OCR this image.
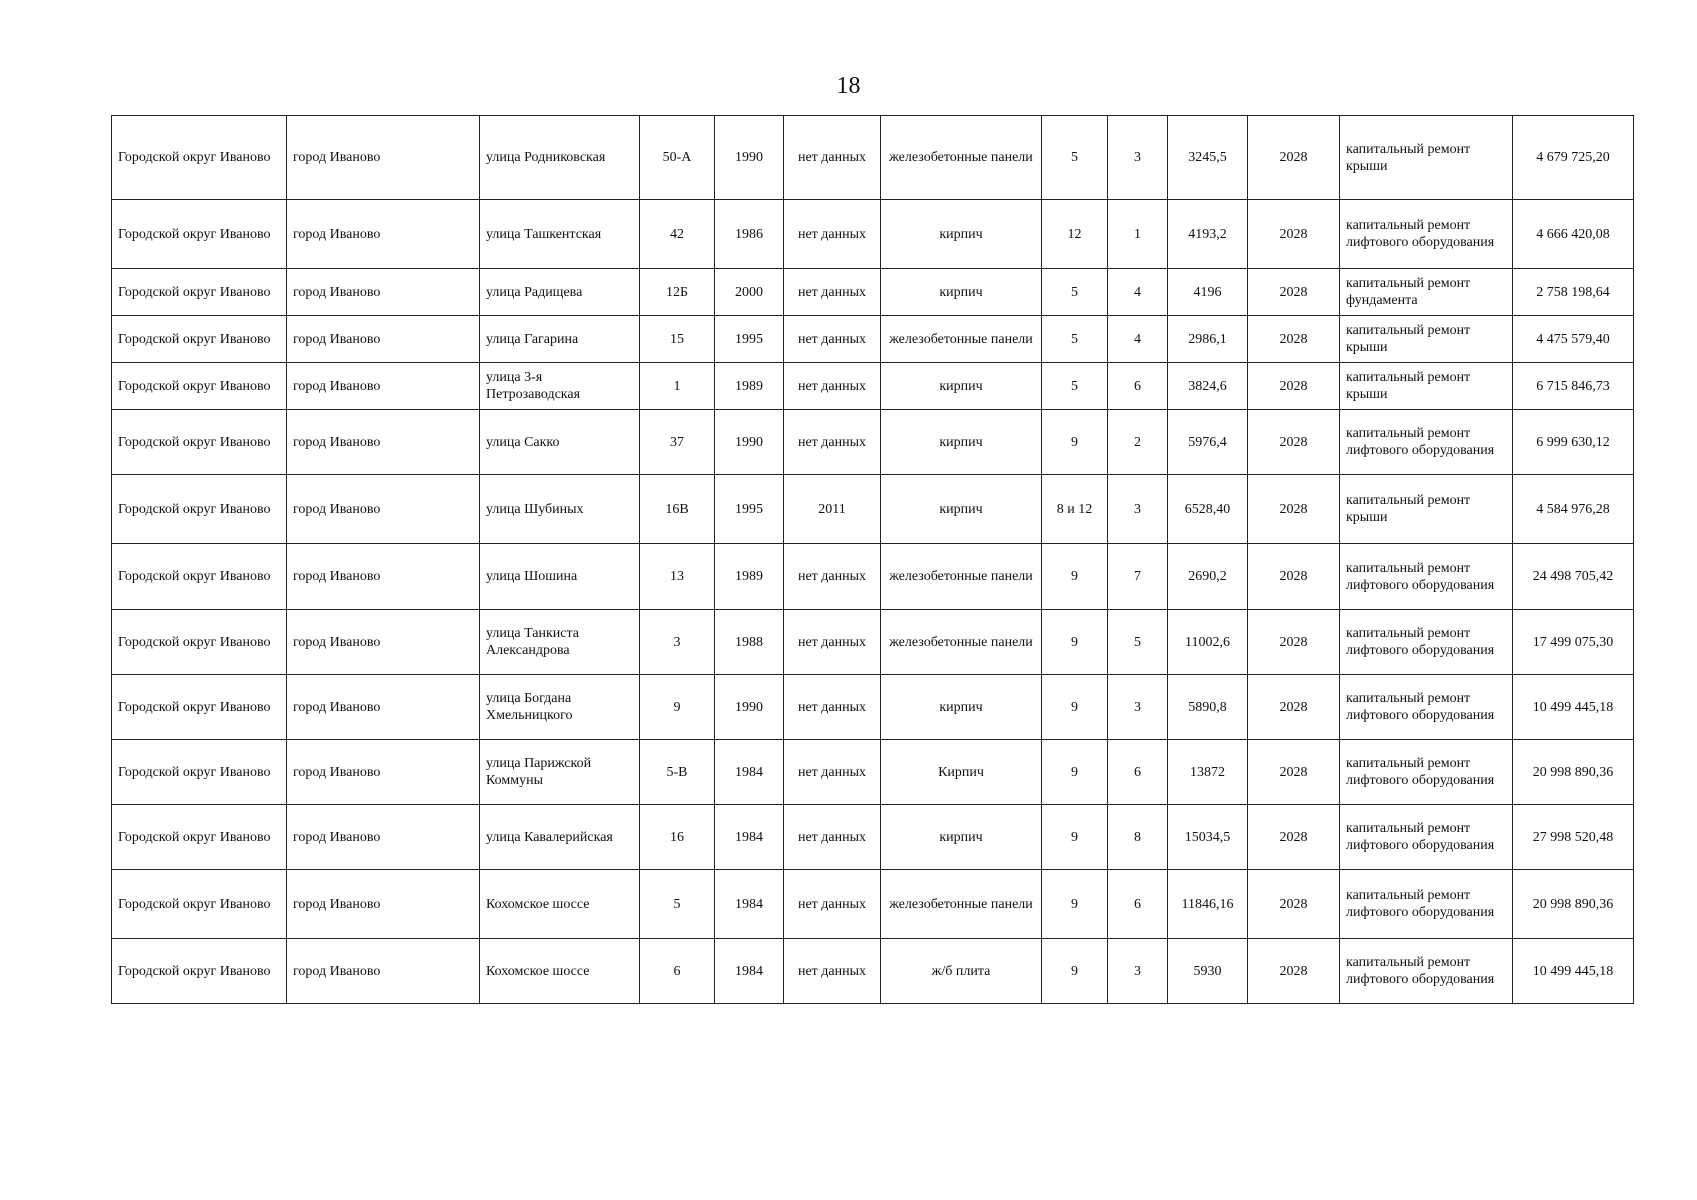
18
Городской округ Иваново	город Иваново	улица Родниковская	50-А	1990	нет данных	железобетонные панели	5	3	3245,5	2028	капитальный ремонт крыши	4 679 725,20
Городской округ Иваново	город Иваново	улица Ташкентская	42	1986	нет данных	кирпич	12	1	4193,2	2028	капитальный ремонт лифтового оборудования	4 666 420,08
Городской округ Иваново	город Иваново	улица Радищева	12Б	2000	нет данных	кирпич	5	4	4196	2028	капитальный ремонт фундамента	2 758 198,64
Городской округ Иваново	город Иваново	улица Гагарина	15	1995	нет данных	железобетонные панели	5	4	2986,1	2028	капитальный ремонт крыши	4 475 579,40
Городской округ Иваново	город Иваново	улица 3-я Петрозаводская	1	1989	нет данных	кирпич	5	6	3824,6	2028	капитальный ремонт крыши	6 715 846,73
Городской округ Иваново	город Иваново	улица Сакко	37	1990	нет данных	кирпич	9	2	5976,4	2028	капитальный ремонт лифтового оборудования	6 999 630,12
Городской округ Иваново	город Иваново	улица Шубиных	16В	1995	2011	кирпич	8 и 12	3	6528,40	2028	капитальный ремонт крыши	4 584 976,28
Городской округ Иваново	город Иваново	улица Шошина	13	1989	нет данных	железобетонные панели	9	7	2690,2	2028	капитальный ремонт лифтового оборудования	24 498 705,42
Городской округ Иваново	город Иваново	улица Танкиста Александрова	3	1988	нет данных	железобетонные панели	9	5	11002,6	2028	капитальный ремонт лифтового оборудования	17 499 075,30
Городской округ Иваново	город Иваново	улица Богдана Хмельницкого	9	1990	нет данных	кирпич	9	3	5890,8	2028	капитальный ремонт лифтового оборудования	10 499 445,18
Городской округ Иваново	город Иваново	улица Парижской Коммуны	5-В	1984	нет данных	Кирпич	9	6	13872	2028	капитальный ремонт лифтового оборудования	20 998 890,36
Городской округ Иваново	город Иваново	улица Кавалерийская	16	1984	нет данных	кирпич	9	8	15034,5	2028	капитальный ремонт лифтового оборудования	27 998 520,48
Городской округ Иваново	город Иваново	Кохомское шоссе	5	1984	нет данных	железобетонные панели	9	6	11846,16	2028	капитальный ремонт лифтового оборудования	20 998 890,36
Городской округ Иваново	город Иваново	Кохомское шоссе	6	1984	нет данных	ж/б плита	9	3	5930	2028	капитальный ремонт лифтового оборудования	10 499 445,18
